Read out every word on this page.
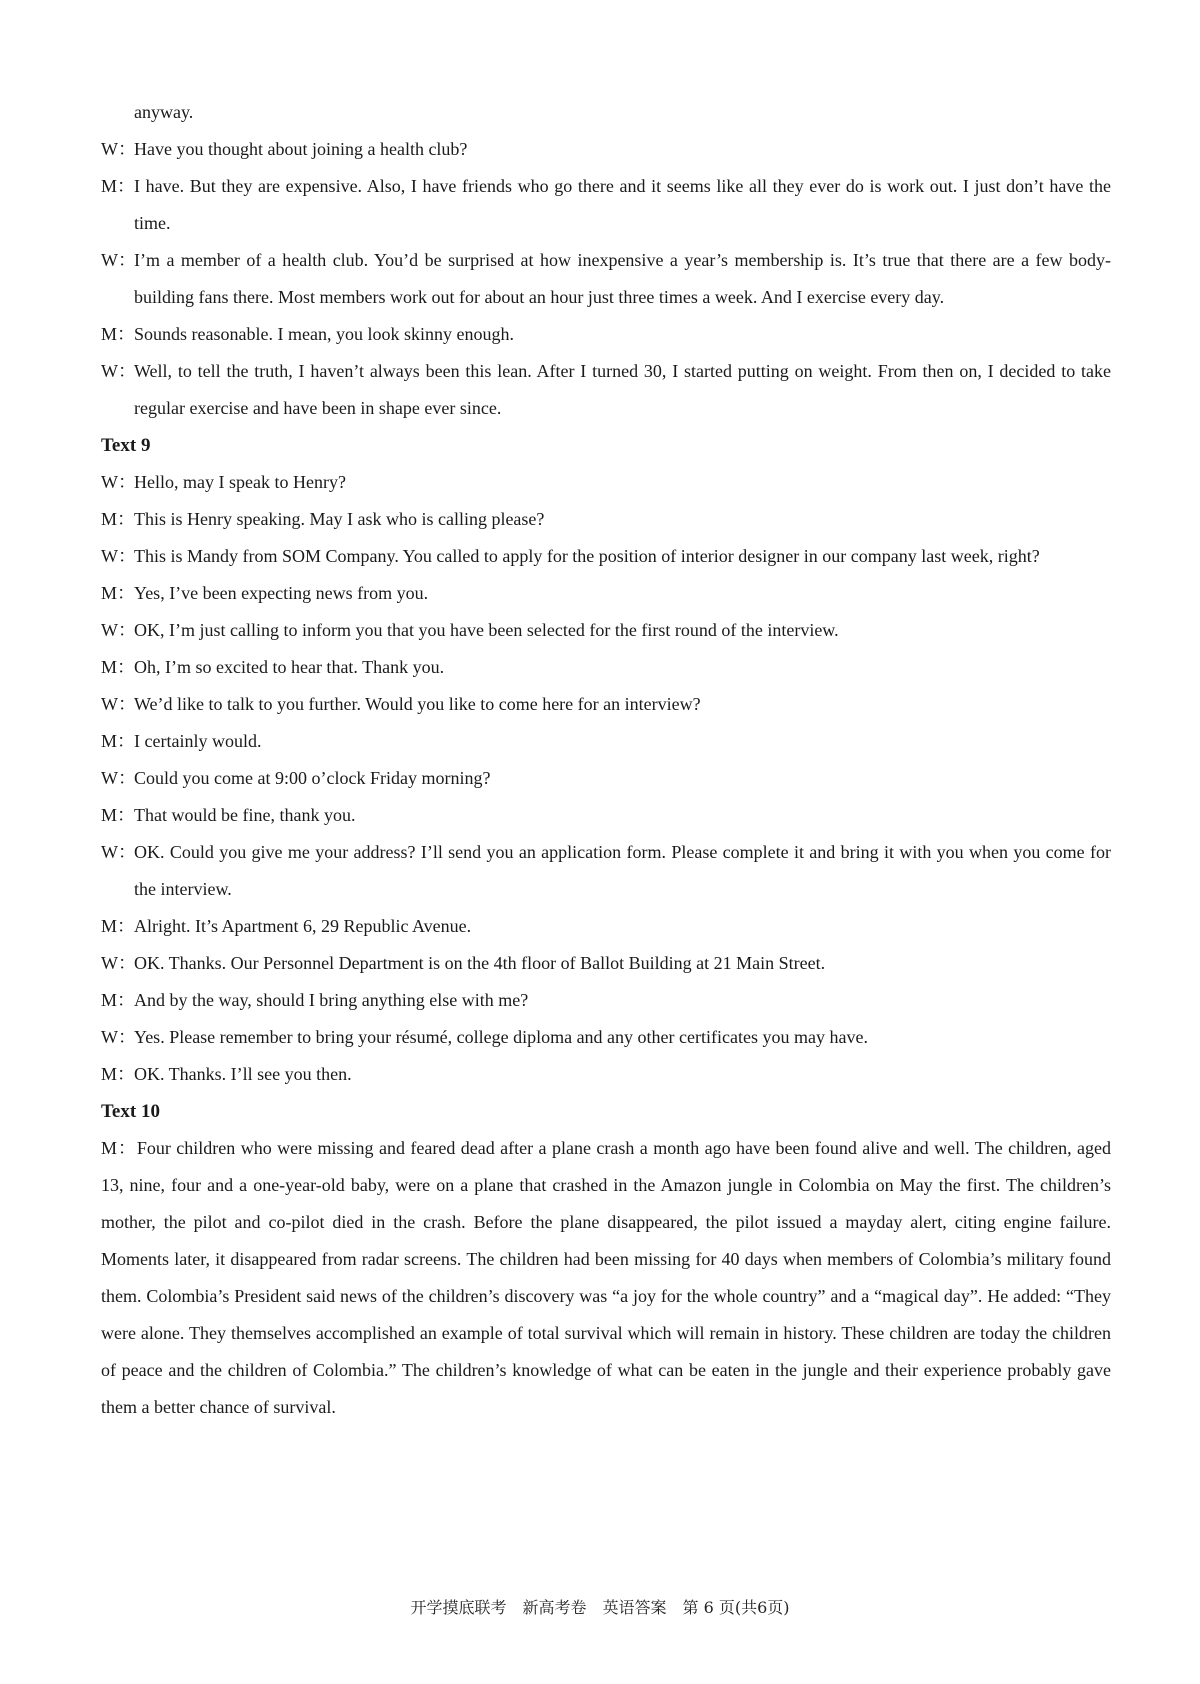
anyway.
W：
Have you thought about joining a health club?
M：
I have. But they are expensive. Also, I have friends who go there and it seems like all they ever do is work out. I just don’t have the time.
W：
I’m a member of a health club. You’d be surprised at how inexpensive a year’s membership is. It’s true that there are a few body-building fans there. Most members work out for about an hour just three times a week. And I exercise every day.
M：
Sounds reasonable. I mean, you look skinny enough.
W：
Well, to tell the truth, I haven’t always been this lean. After I turned 30, I started putting on weight. From then on, I decided to take regular exercise and have been in shape ever since.
Text 9
W：
Hello, may I speak to Henry?
M：
This is Henry speaking. May I ask who is calling please?
W：
This is Mandy from SOM Company. You called to apply for the position of interior designer in our company last week, right?
M：
Yes, I’ve been expecting news from you.
W：
OK, I’m just calling to inform you that you have been selected for the first round of the interview.
M：
Oh, I’m so excited to hear that. Thank you.
W：
We’d like to talk to you further. Would you like to come here for an interview?
M：
I certainly would.
W：
Could you come at 9:00 o’clock Friday morning?
M：
That would be fine, thank you.
W：
OK. Could you give me your address? I’ll send you an application form. Please complete it and bring it with you when you come for the interview.
M：
Alright. It’s Apartment 6, 29 Republic Avenue.
W：
OK. Thanks. Our Personnel Department is on the 4th floor of Ballot Building at 21 Main Street.
M：
And by the way, should I bring anything else with me?
W：
Yes. Please remember to bring your résumé, college diploma and any other certificates you may have.
M：
OK. Thanks. I’ll see you then.
Text 10
M：Four children who were missing and feared dead after a plane crash a month ago have been found alive and well. The children, aged 13, nine, four and a one-year-old baby, were on a plane that crashed in the Amazon jungle in Colombia on May the first. The children’s mother, the pilot and co-pilot died in the crash. Before the plane disappeared, the pilot issued a mayday alert, citing engine failure. Moments later, it disappeared from radar screens. The children had been missing for 40 days when members of Colombia’s military found them. Colombia’s President said news of the children’s discovery was “a joy for the whole country” and a “magical day”. He added: “They were alone. They themselves accomplished an example of total survival which will remain in history. These children are today the children of peace and the children of Colombia.” The children’s knowledge of what can be eaten in the jungle and their experience probably gave them a better chance of survival.
开学摸底联考　新高考卷　英语答案　第 6 页(共6页)
